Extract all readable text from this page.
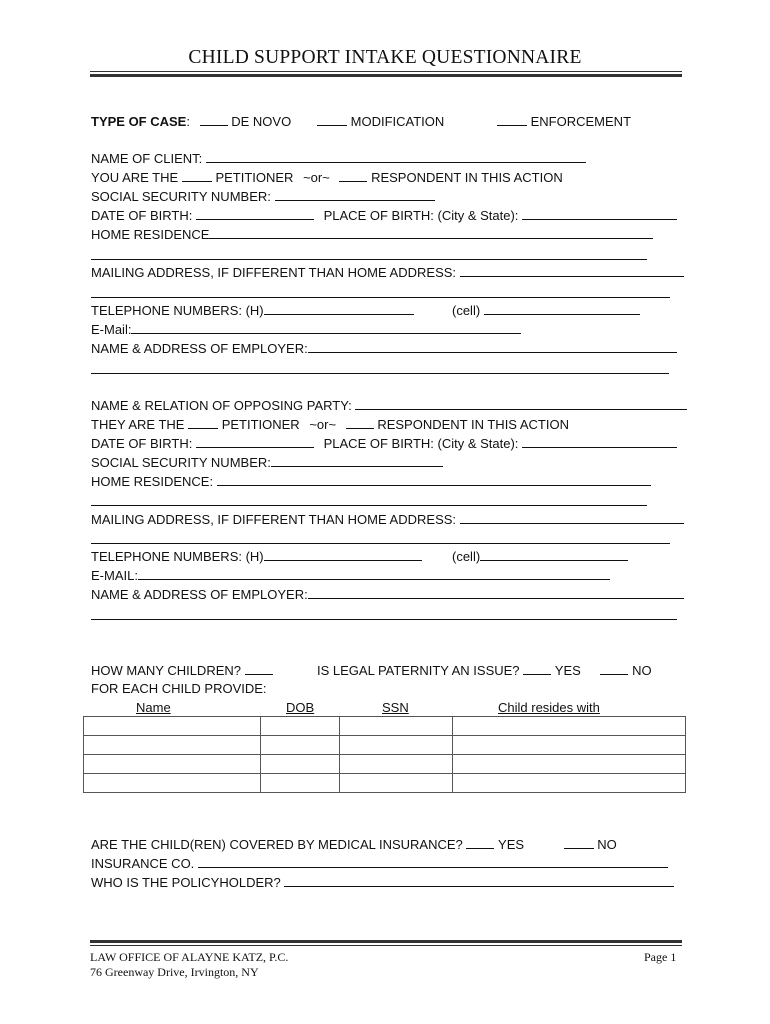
CHILD SUPPORT INTAKE QUESTIONNAIRE
TYPE OF CASE:	DE NOVO	MODIFICATION	ENFORCEMENT
NAME OF CLIENT:
YOU ARE THE	PETITIONER ~or~	RESPONDENT IN THIS ACTION
SOCIAL SECURITY NUMBER:
DATE OF BIRTH:	PLACE OF BIRTH: (City & State):
HOME RESIDENCE
MAILING ADDRESS, IF DIFFERENT THAN HOME ADDRESS:
TELEPHONE NUMBERS: (H)	(cell)
E-Mail:
NAME & ADDRESS OF EMPLOYER:
NAME & RELATION OF OPPOSING PARTY:
THEY ARE THE	PETITIONER ~or~	RESPONDENT IN THIS ACTION
DATE OF BIRTH:	PLACE OF BIRTH: (City & State):
SOCIAL SECURITY NUMBER:
HOME RESIDENCE:
MAILING ADDRESS, IF DIFFERENT THAN HOME ADDRESS:
TELEPHONE NUMBERS: (H)	(cell)
E-MAIL:
NAME & ADDRESS OF EMPLOYER:
HOW MANY CHILDREN?	IS LEGAL PATERNITY AN ISSUE?	YES	NO
FOR EACH CHILD PROVIDE:
Name	DOB	SSN	Child resides with

ARE THE CHILD(REN) COVERED BY MEDICAL INSURANCE?	YES	NO
INSURANCE CO.
WHO IS THE POLICYHOLDER?
LAW OFFICE OF ALAYNE KATZ, P.C.
76 Greenway Drive, Irvington, NY
Page 1
